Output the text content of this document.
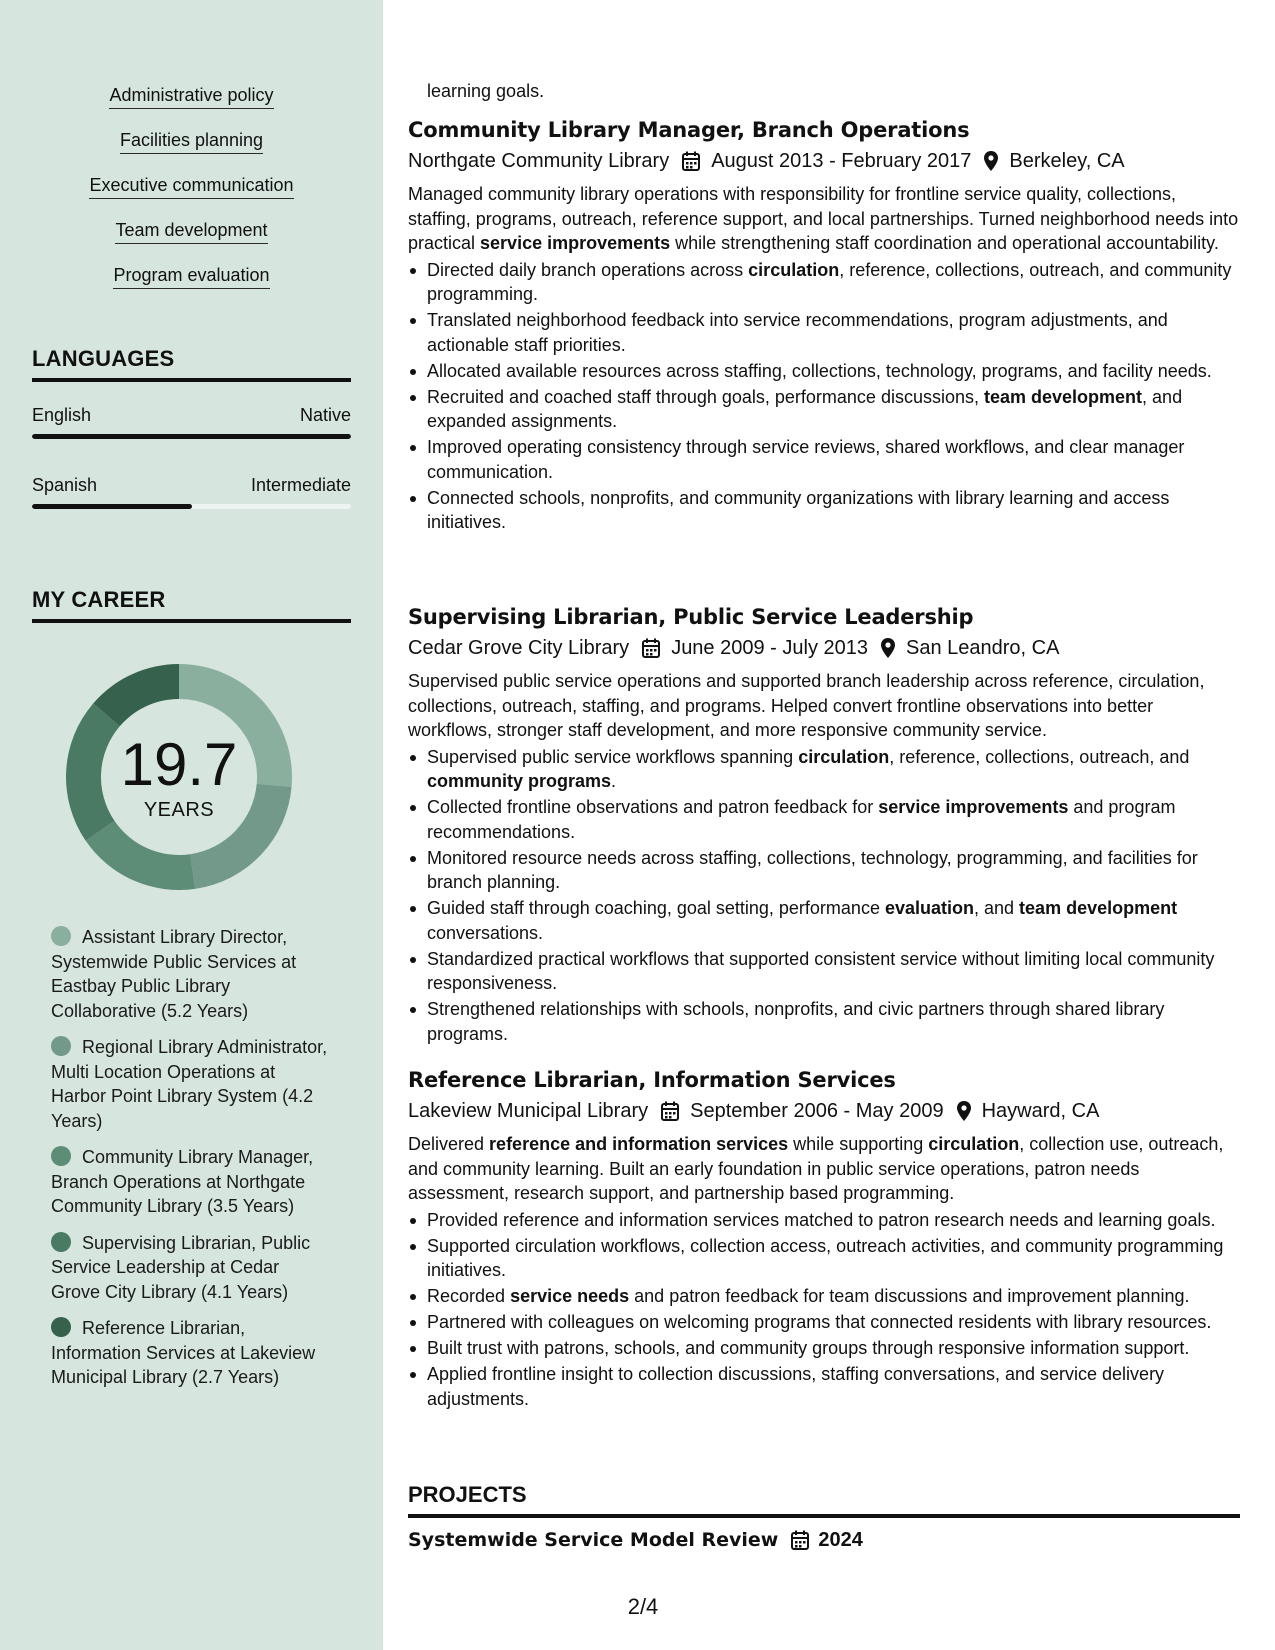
Administrative policy
Facilities planning
Executive communication
Team development
Program evaluation
LANGUAGES
English	Native
Spanish	Intermediate
MY CAREER
19.7
YEARS
Assistant Library Director, Systemwide Public Services at Eastbay Public Library Collaborative (5.2 Years)
Regional Library Administrator, Multi Location Operations at Harbor Point Library System (4.2 Years)
Community Library Manager, Branch Operations at Northgate Community Library (3.5 Years)
Supervising Librarian, Public Service Leadership at Cedar Grove City Library (4.1 Years)
Reference Librarian, Information Services at Lakeview Municipal Library (2.7 Years)
learning goals.
Community Library Manager, Branch Operations
Northgate Community Library August 2013 - February 2017 Berkeley, CA

Managed community library operations with responsibility for frontline service quality, collections, staffing, programs, outreach, reference support, and local partnerships. Turned neighborhood needs into practical service improvements while strengthening staff coordination and operational accountability.

Directed daily branch operations across circulation, reference, collections, outreach, and community programming.
Translated neighborhood feedback into service recommendations, program adjustments, and actionable staff priorities.
Allocated available resources across staffing, collections, technology, programs, and facility needs.
Recruited and coached staff through goals, performance discussions, team development, and expanded assignments.
Improved operating consistency through service reviews, shared workflows, and clear manager communication.
Connected schools, nonprofits, and community organizations with library learning and access initiatives.
Supervising Librarian, Public Service Leadership
Cedar Grove City Library June 2009 - July 2013 San Leandro, CA

Supervised public service operations and supported branch leadership across reference, circulation, collections, outreach, staffing, and programs. Helped convert frontline observations into better workflows, stronger staff development, and more responsive community service.

Supervised public service workflows spanning circulation, reference, collections, outreach, and community programs.
Collected frontline observations and patron feedback for service improvements and program recommendations.
Monitored resource needs across staffing, collections, technology, programming, and facilities for branch planning.
Guided staff through coaching, goal setting, performance evaluation, and team development conversations.
Standardized practical workflows that supported consistent service without limiting local community responsiveness.
Strengthened relationships with schools, nonprofits, and civic partners through shared library programs.
Reference Librarian, Information Services
Lakeview Municipal Library September 2006 - May 2009 Hayward, CA

Delivered reference and information services while supporting circulation, collection use, outreach, and community learning. Built an early foundation in public service operations, patron needs assessment, research support, and partnership based programming.

Provided reference and information services matched to patron research needs and learning goals.
Supported circulation workflows, collection access, outreach activities, and community programming initiatives.
Recorded service needs and patron feedback for team discussions and improvement planning.
Partnered with colleagues on welcoming programs that connected residents with library resources.
Built trust with patrons, schools, and community groups through responsive information support.
Applied frontline insight to collection discussions, staffing conversations, and service delivery adjustments.
PROJECTS
Systemwide Service Model Review 2024
2/4
